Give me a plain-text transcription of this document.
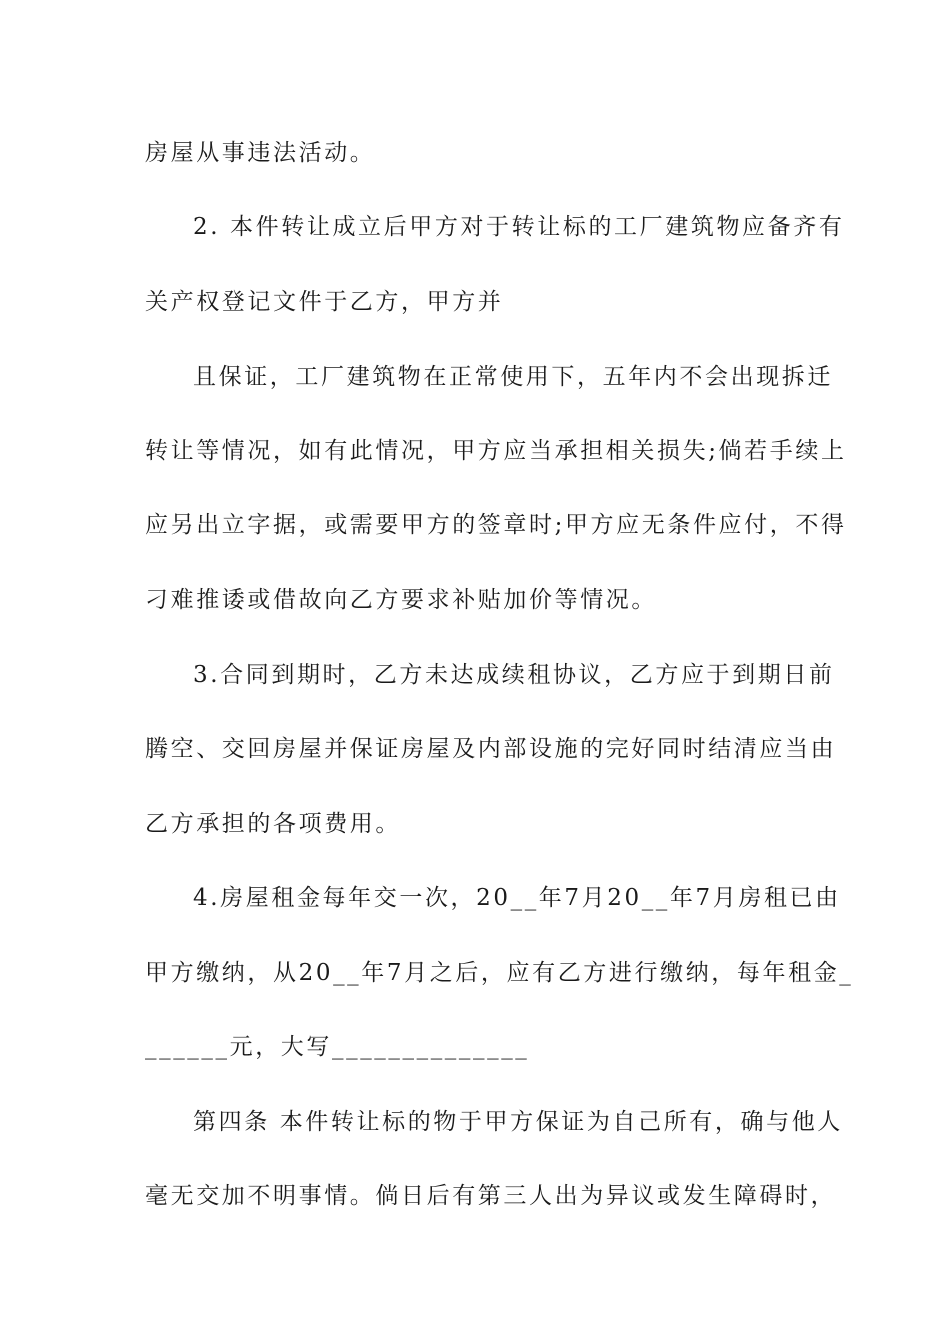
房屋从事违法活动。
2. 本件转让成立后甲方对于转让标的工厂建筑物应备齐有
关产权登记文件于乙方，甲方并
且保证，工厂建筑物在正常使用下，五年内不会出现拆迁
转让等情况，如有此情况，甲方应当承担相关损失;倘若手续上
应另出立字据，或需要甲方的签章时;甲方应无条件应付，不得
刁难推诿或借故向乙方要求补贴加价等情况。
3.合同到期时，乙方未达成续租协议，乙方应于到期日前
腾空、交回房屋并保证房屋及内部设施的完好同时结清应当由
乙方承担的各项费用。
4.房屋租金每年交一次，20__年7月20__年7月房租已由
甲方缴纳，从20__年7月之后，应有乙方进行缴纳，每年租金_
______元，大写______________
第四条 本件转让标的物于甲方保证为自己所有，确与他人
毫无交加不明事情。倘日后有第三人出为异议或发生障碍时，
